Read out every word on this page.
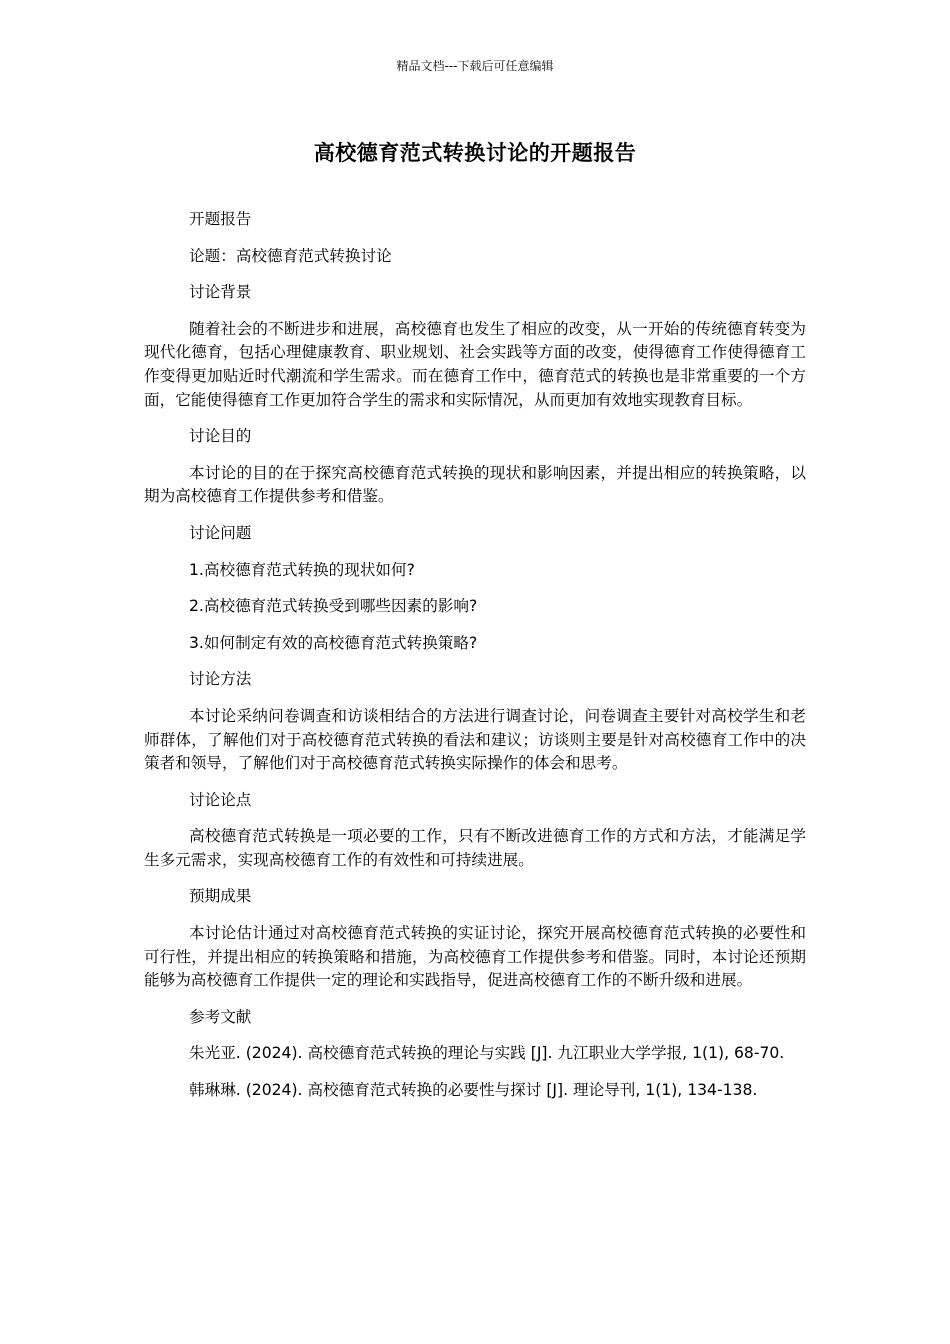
精品文档---下载后可任意编辑
高校德育范式转换讨论的开题报告

开题报告

论题：高校德育范式转换讨论

讨论背景

随着社会的不断进步和进展，高校德育也发生了相应的改变，从一开始的传统德育转变为现代化德育，包括心理健康教育、职业规划、社会实践等方面的改变，使得德育工作使得德育工作变得更加贴近时代潮流和学生需求。而在德育工作中，德育范式的转换也是非常重要的一个方面，它能使得德育工作更加符合学生的需求和实际情况，从而更加有效地实现教育目标。

讨论目的

本讨论的目的在于探究高校德育范式转换的现状和影响因素，并提出相应的转换策略，以期为高校德育工作提供参考和借鉴。

讨论问题

1.高校德育范式转换的现状如何?

2.高校德育范式转换受到哪些因素的影响?

3.如何制定有效的高校德育范式转换策略?

讨论方法

本讨论采纳问卷调查和访谈相结合的方法进行调查讨论，问卷调查主要针对高校学生和老师群体，了解他们对于高校德育范式转换的看法和建议；访谈则主要是针对高校德育工作中的决策者和领导，了解他们对于高校德育范式转换实际操作的体会和思考。

讨论论点

高校德育范式转换是一项必要的工作，只有不断改进德育工作的方式和方法，才能满足学生多元需求，实现高校德育工作的有效性和可持续进展。

预期成果

本讨论估计通过对高校德育范式转换的实证讨论，探究开展高校德育范式转换的必要性和可行性，并提出相应的转换策略和措施，为高校德育工作提供参考和借鉴。同时，本讨论还预期能够为高校德育工作提供一定的理论和实践指导，促进高校德育工作的不断升级和进展。

参考文献

朱光亚. (2024). 高校德育范式转换的理论与实践 [J]. 九江职业大学学报, 1(1), 68-70.

韩琳琳. (2024). 高校德育范式转换的必要性与探讨 [J]. 理论导刊, 1(1), 134-138.
